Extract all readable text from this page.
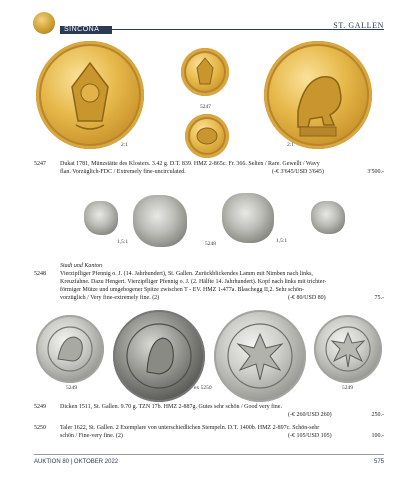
SINCONA	ST. GALLEN
5247
2:1	2:1
5247	Dukat 1781, Münzstätte des Klosters. 3.42 g. D.T. 839. HMZ 2-865c. Fr. 366. Selten / Rare. Gewellt / Wavy
flan. Vorzüglich-FDC / Extremely fine-uncirculated.	(-€ 3'645/USD 3'645)	3'500.-
1,5:1	5248	1,5:1
Stadt und Kanton
5248	Vierzipfliger Pfennig o. J. (14. Jahrhundert), St. Gallen. Zurückblickendes Lamm mit Nimben nach links,
Kreuzfahne. Dazu Hengert. Vierzipfliger Pfennig o. J. (2. Hälfte 14. Jahrhundert). Kopf nach links mit trichter-
förmiger Mütze und umgebogener Spitze zwischen T - EV. HMZ 1-477a. Blaschegg II,2. Sehr schön-
vorzüglich / Very fine-extremely fine. (2)	(-€ 80/USD 80)	75.-
5249	ex 5250	5249
5249	Dicken 1511, St. Gallen. 9.70 g. TZN 17b. HMZ 2-887g. Gutes sehr schön / Good very fine.
(-€ 260/USD 260)	250.-
5250	Taler 1622, St. Gallen. 2 Exemplare von unterschiedlichen Stempeln. D.T. 1400b. HMZ 2-897c. Schön-sehr
schön / Fine-very fine. (2)	(-€ 105/USD 105)	100.-
AUKTION 80 | OKTOBER 2022	575
